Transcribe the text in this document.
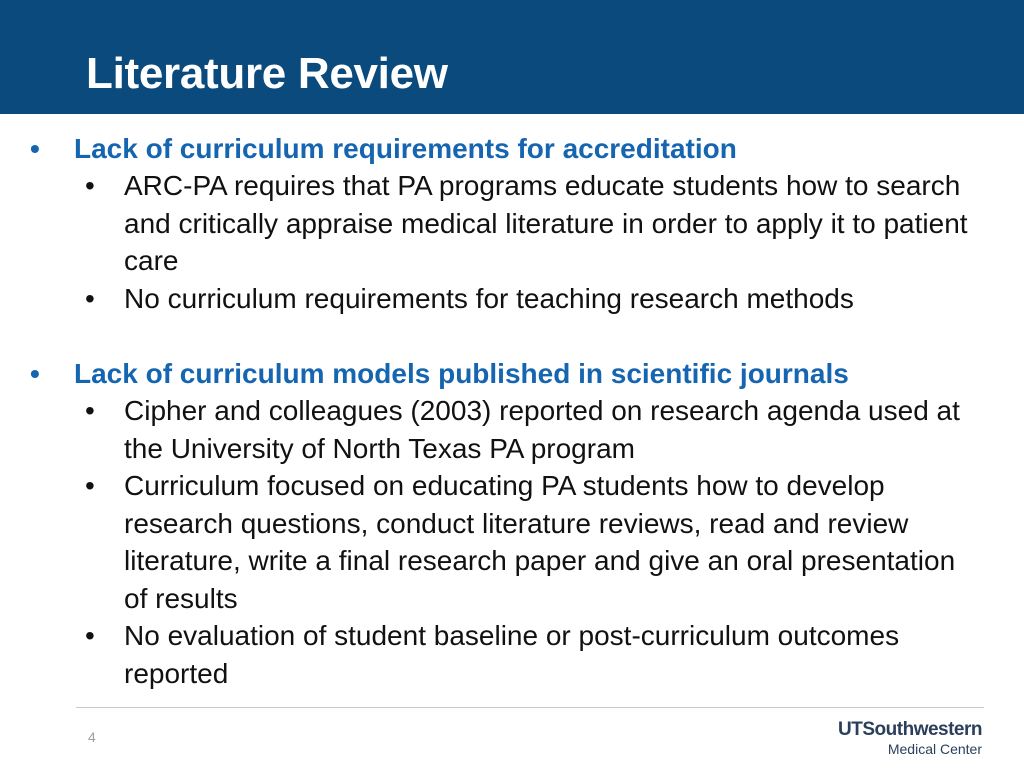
Literature Review
• Lack of curriculum requirements for accreditation
• ARC-PA requires that PA programs educate students how to search and critically appraise medical literature in order to apply it to patient care
• No curriculum requirements for teaching research methods
• Lack of curriculum models published in scientific journals
• Cipher and colleagues (2003) reported on research agenda used at the University of North Texas PA program
• Curriculum focused on educating PA students how to develop research questions, conduct literature reviews, read and review literature, write a final research paper and give an oral presentation of results
• No evaluation of student baseline or post-curriculum outcomes reported
4	UTSouthwestern
Medical Center
